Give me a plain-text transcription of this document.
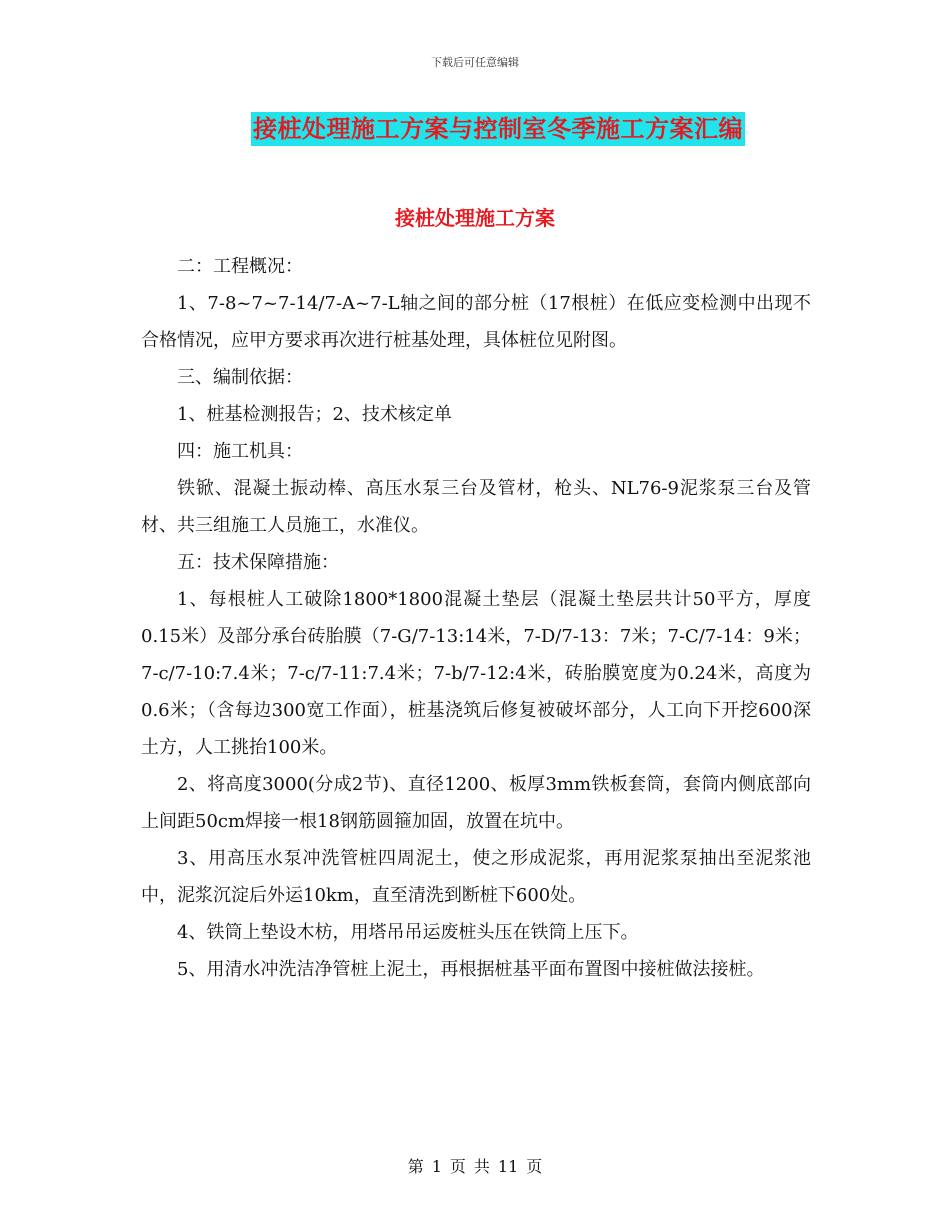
下载后可任意编辑
接桩处理施工方案与控制室冬季施工方案汇编
接桩处理施工方案

二：工程概况：

1、7-8~7~7-14/7-A~7-L轴之间的部分桩（17根桩）在低应变检测中出现不合格情况，应甲方要求再次进行桩基处理，具体桩位见附图。

三、编制依据：

1、桩基检测报告；2、技术核定单

四：施工机具：

铁锨、混凝土振动棒、高压水泵三台及管材，枪头、NL76-9泥浆泵三台及管材、共三组施工人员施工，水准仪。

五：技术保障措施：

1、每根桩人工破除1800*1800混凝土垫层（混凝土垫层共计50平方，厚度0.15米）及部分承台砖胎膜（7-G/7-13:14米，7-D/7-13：7米；7-C/7-14：9米；7-c/7-10:7.4米；7-c/7-11:7.4米；7-b/7-12:4米，砖胎膜宽度为0.24米，高度为0.6米；（含每边300宽工作面），桩基浇筑后修复被破坏部分，人工向下开挖600深土方，人工挑抬100米。

2、将高度3000(分成2节)、直径1200、板厚3mm铁板套筒，套筒内侧底部向上间距50cm焊接一根18钢筋圆箍加固，放置在坑中。

3、用高压水泵冲洗管桩四周泥土，使之形成泥浆，再用泥浆泵抽出至泥浆池中，泥浆沉淀后外运10km，直至清洗到断桩下600处。

4、铁筒上垫设木枋，用塔吊吊运废桩头压在铁筒上压下。

5、用清水冲洗洁净管桩上泥土，再根据桩基平面布置图中接桩做法接桩。

第 1 页 共 11 页
